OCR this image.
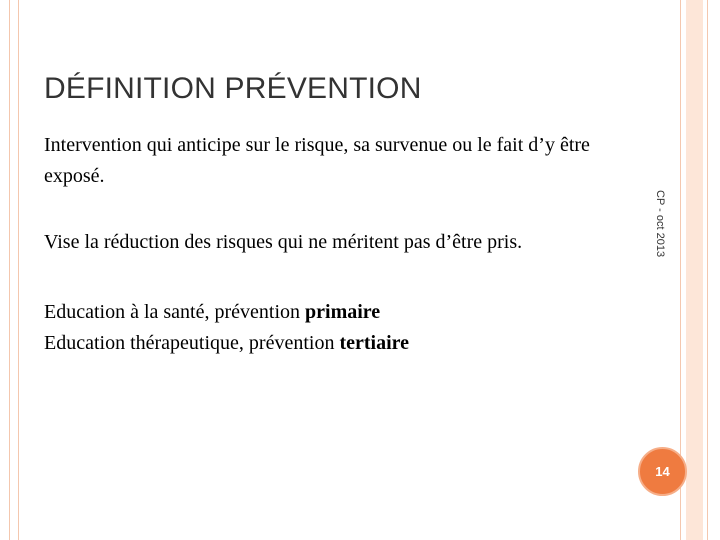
DÉFINITION PRÉVENTION
Intervention qui anticipe sur le risque, sa survenue ou le fait d’y être exposé.
Vise la réduction des risques qui ne méritent pas d’être pris.
Education à la santé, prévention primaire
Education thérapeutique, prévention tertiaire
CP - oct 2013
14
